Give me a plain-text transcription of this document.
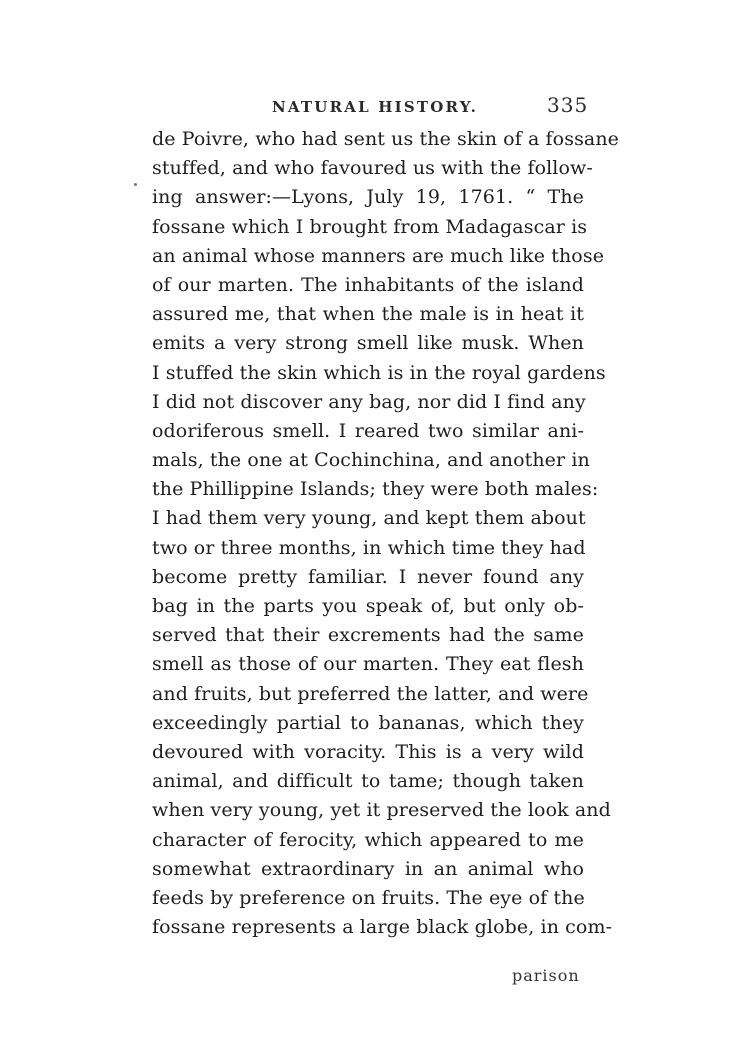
NATURAL HISTORY.	335
de Poivre, who had sent us the skin of a fossane
stuffed, and who favoured us with the follow-
ing answer:—Lyons, July 19, 1761. “ The
fossane which I brought from Madagascar is
an animal whose manners are much like those
of our marten. The inhabitants of the island
assured me, that when the male is in heat it
emits a very strong smell like musk. When
I stuffed the skin which is in the royal gardens
I did not discover any bag, nor did I find any
odoriferous smell. I reared two similar ani-
mals, the one at Cochinchina, and another in
the Phillippine Islands; they were both males:
I had them very young, and kept them about
two or three months, in which time they had
become pretty familiar. I never found any
bag in the parts you speak of, but only ob-
served that their excrements had the same
smell as those of our marten. They eat flesh
and fruits, but preferred the latter, and were
exceedingly partial to bananas, which they
devoured with voracity. This is a very wild
animal, and difficult to tame; though taken
when very young, yet it preserved the look and
character of ferocity, which appeared to me
somewhat extraordinary in an animal who
feeds by preference on fruits. The eye of the
fossane represents a large black globe, in com-
parison
